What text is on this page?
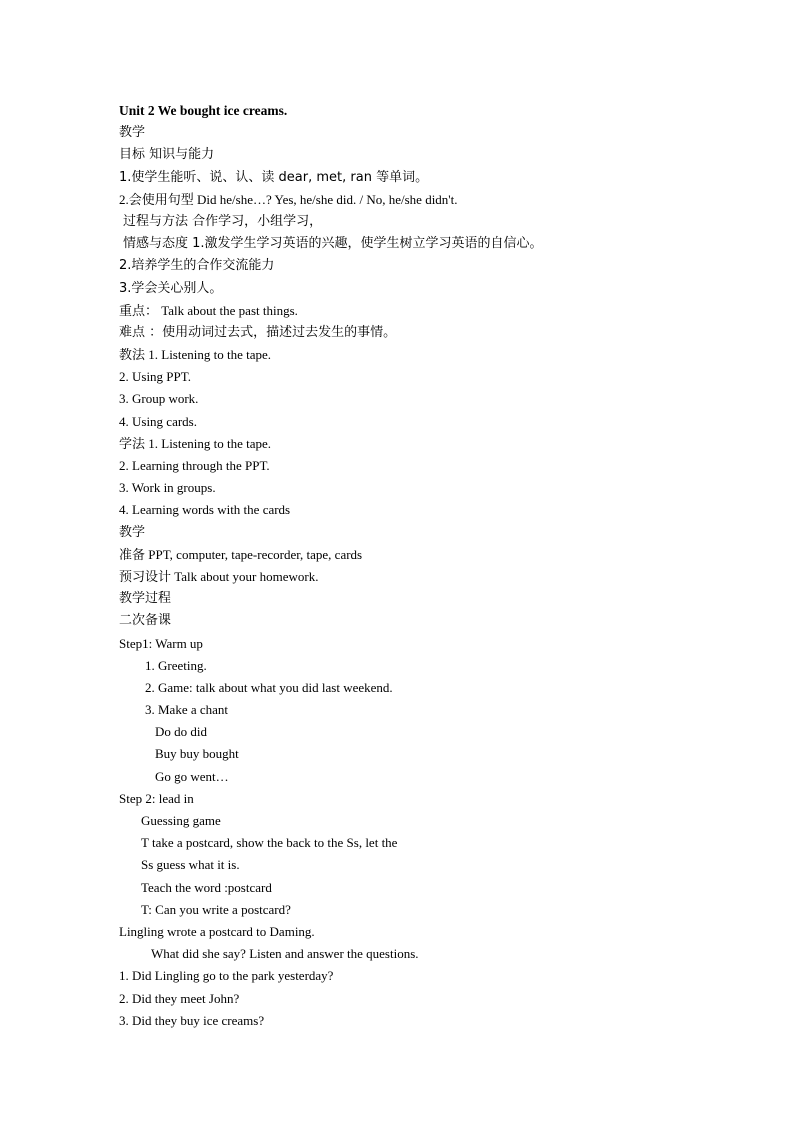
Unit 2 We bought ice creams.
教学
目标 知识与能力
1.使学生能听、说、认、读 dear, met, ran 等单词。
2.会使用句型 Did he/she…? Yes, he/she did. / No, he/she didn't.
过程与方法 合作学习，小组学习，
情感与态度 1.激发学生学习英语的兴趣，使学生树立学习英语的自信心。
2.培养学生的合作交流能力
3.学会关心别人。
重点： Talk about the past things.
难点 ：使用动词过去式，描述过去发生的事情。
教法 1. Listening to the tape.
2. Using PPT.
3. Group work.
4. Using cards.
学法 1. Listening to the tape.
2. Learning through the PPT.
3. Work in groups.
4. Learning words with the cards
教学
准备 PPT, computer, tape-recorder, tape, cards
预习设计 Talk about your homework.
教学过程
二次备课
Step1: Warm up
1. Greeting.
2. Game: talk about what you did last weekend.
3. Make a chant
Do do did
Buy buy bought
Go go went…
Step 2: lead in
Guessing game
T take a postcard, show the back to the Ss, let the
Ss guess what it is.
Teach the word :postcard
T: Can you write a postcard?
Lingling wrote a postcard to Daming.
What did she say? Listen and answer the questions.
1. Did Lingling go to the park yesterday?
2. Did they meet John?
3. Did they buy ice creams?
